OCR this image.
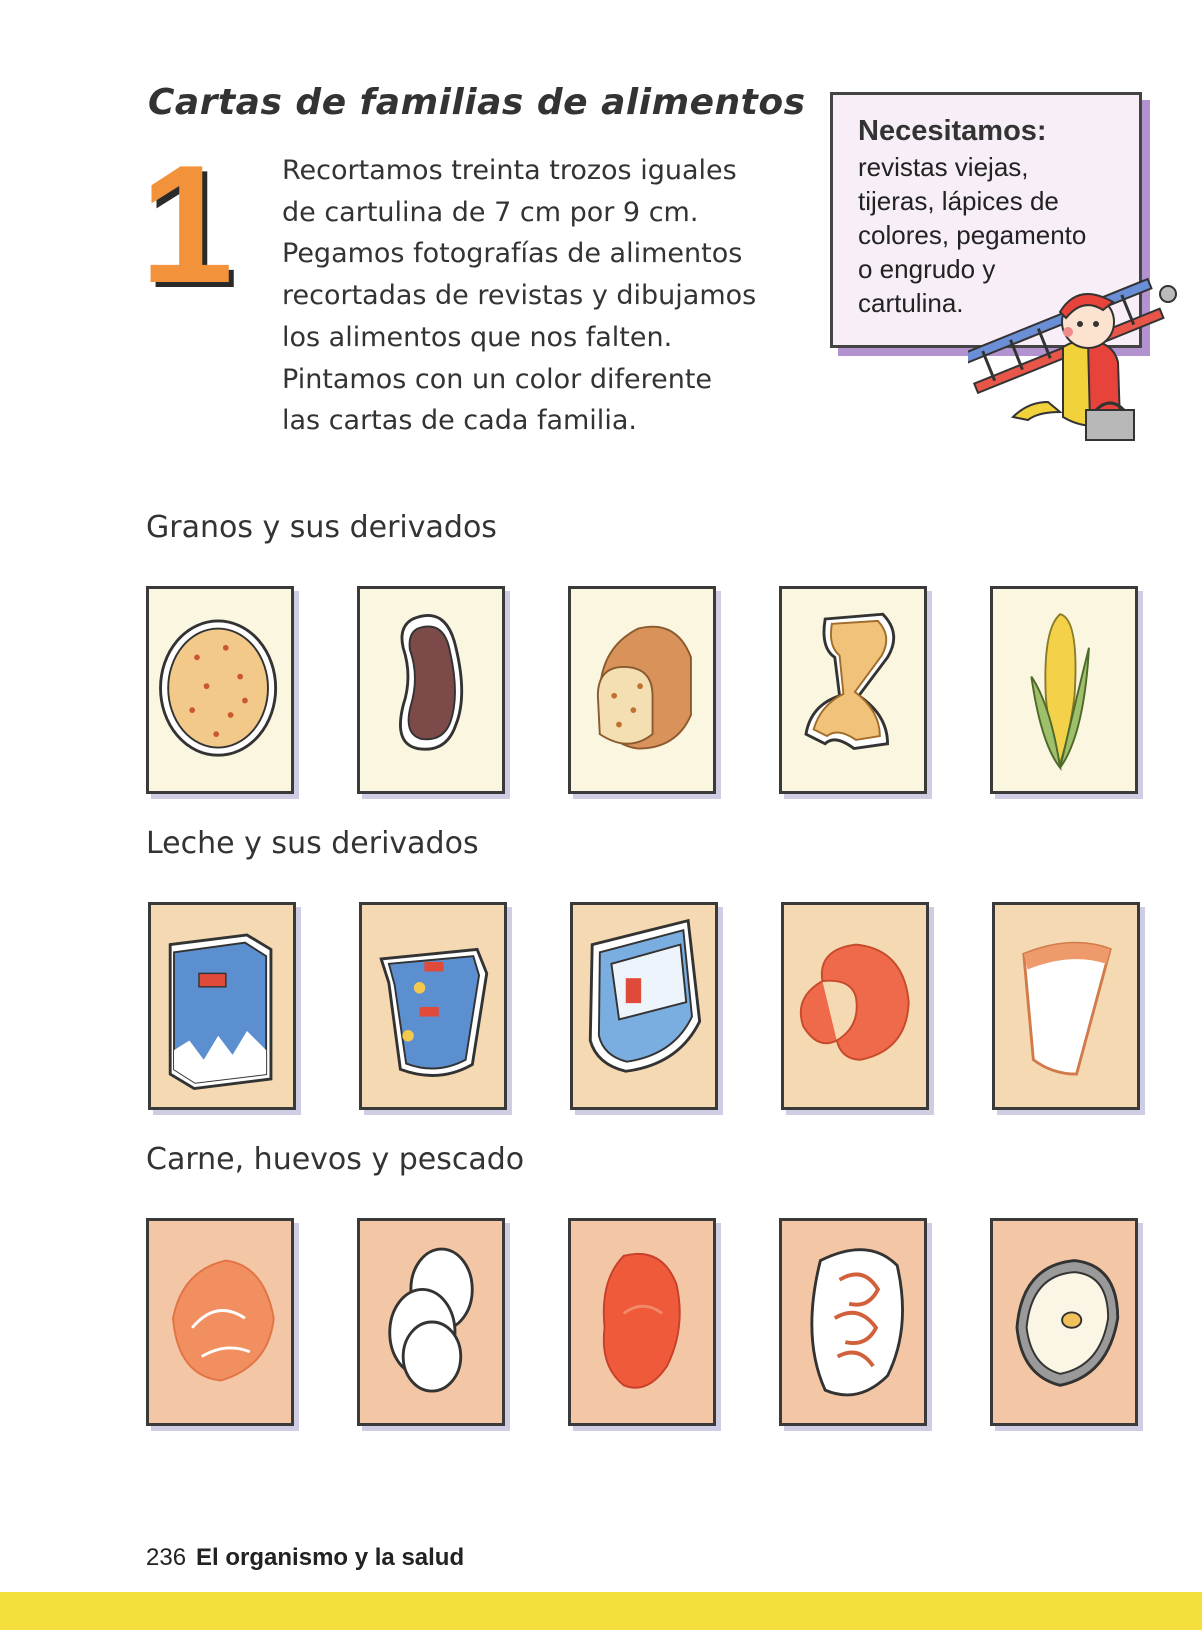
Cartas de familias de alimentos
1 Recortamos treinta trozos iguales
de cartulina de 7 cm por 9 cm.
Pegamos fotografías de alimentos
recortadas de revistas y dibujamos
los alimentos que nos falten.
Pintamos con un color diferente
las cartas de cada familia.
Necesitamos:
revistas viejas,
tijeras, lápices de
colores, pegamento
o engrudo y
cartulina.
Granos y sus derivados
Leche y sus derivados
Carne, huevos y pescado
236 El organismo y la salud
